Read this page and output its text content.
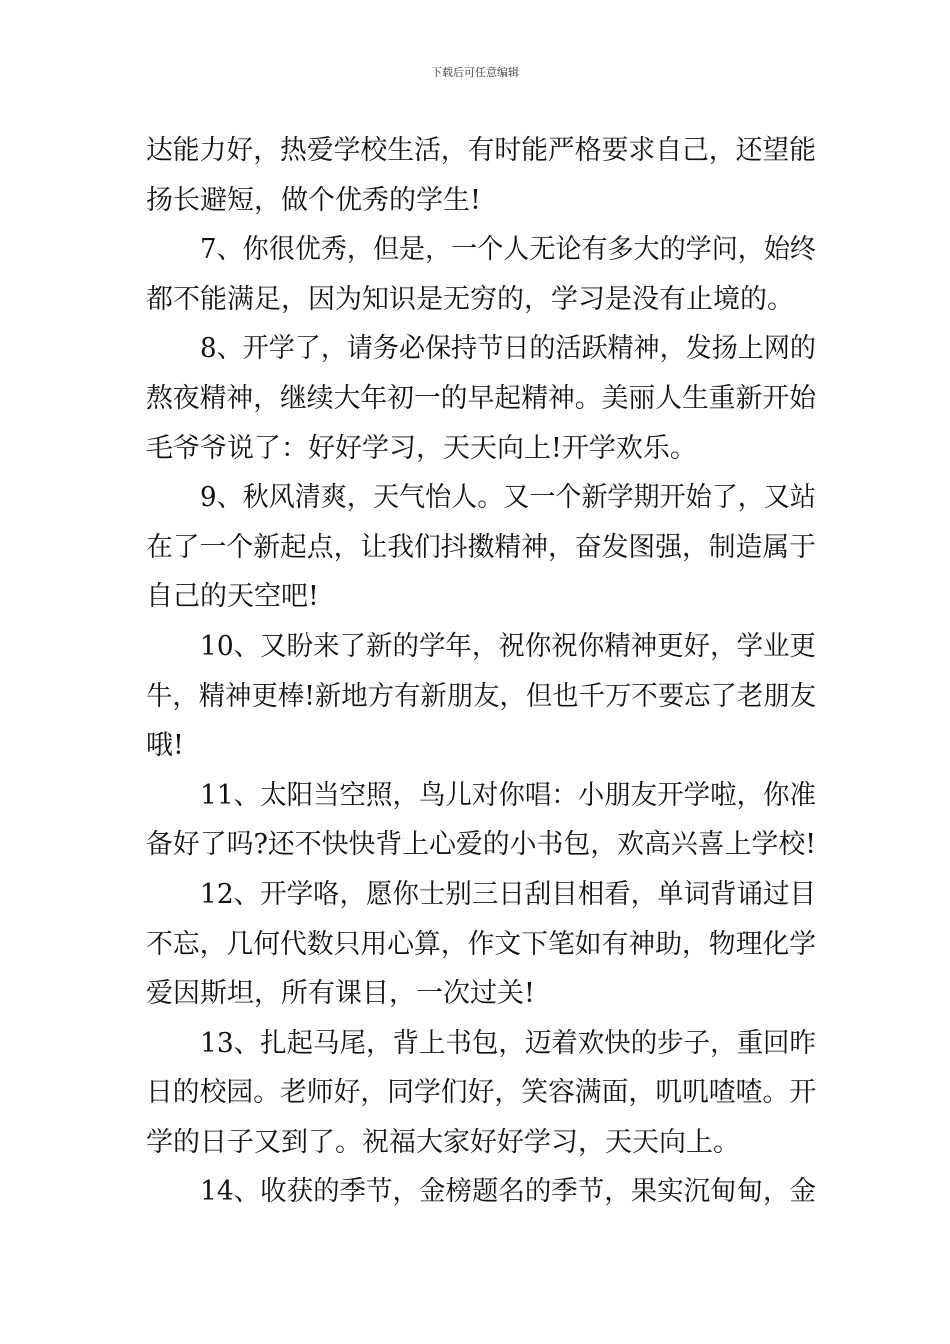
下载后可任意编辑
达能力好，热爱学校生活，有时能严格要求自己，还望能
扬长避短，做个优秀的学生!
7、你很优秀，但是，一个人无论有多大的学问，始终
都不能满足，因为知识是无穷的，学习是没有止境的。
8、开学了，请务必保持节日的活跃精神，发扬上网的
熬夜精神，继续大年初一的早起精神。美丽人生重新开始
毛爷爷说了：好好学习，天天向上!开学欢乐。
9、秋风清爽，天气怡人。又一个新学期开始了，又站
在了一个新起点，让我们抖擞精神，奋发图强，制造属于
自己的天空吧!
10、又盼来了新的学年，祝你祝你精神更好，学业更
牛，精神更棒!新地方有新朋友，但也千万不要忘了老朋友
哦!
11、太阳当空照，鸟儿对你唱：小朋友开学啦，你准
备好了吗?还不快快背上心爱的小书包，欢高兴喜上学校!
12、开学咯，愿你士别三日刮目相看，单词背诵过目
不忘，几何代数只用心算，作文下笔如有神助，物理化学
爱因斯坦，所有课目，一次过关!
13、扎起马尾，背上书包，迈着欢快的步子，重回昨
日的校园。老师好，同学们好，笑容满面，叽叽喳喳。开
学的日子又到了。祝福大家好好学习，天天向上。
14、收获的季节，金榜题名的季节，果实沉甸甸，金
